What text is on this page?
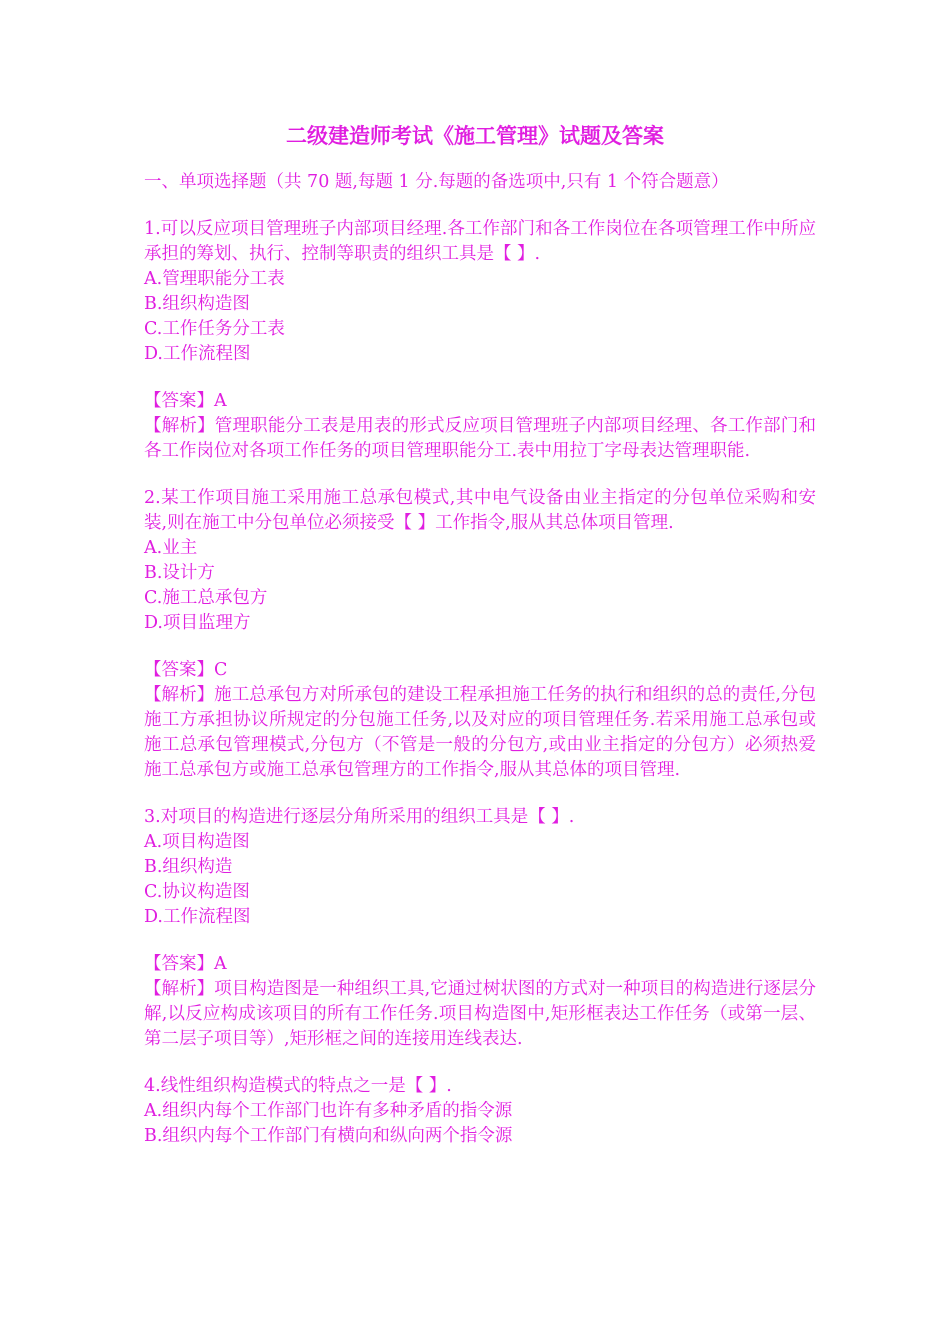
二级建造师考试《施工管理》试题及答案

一、单项选择题（共 70 题,每题 1 分.每题的备选项中,只有 1 个符合题意）

1.可以反应项目管理班子内部项目经理.各工作部门和各工作岗位在各项管理工作中所应承担的筹划、执行、控制等职责的组织工具是【 】.

A.管理职能分工表

B.组织构造图

C.工作任务分工表

D.工作流程图

【答案】A

【解析】管理职能分工表是用表的形式反应项目管理班子内部项目经理、各工作部门和各工作岗位对各项工作任务的项目管理职能分工.表中用拉丁字母表达管理职能.

2.某工作项目施工采用施工总承包模式,其中电气设备由业主指定的分包单位采购和安装,则在施工中分包单位必须接受【 】工作指令,服从其总体项目管理.

A.业主

B.设计方

C.施工总承包方

D.项目监理方

【答案】C

【解析】施工总承包方对所承包的建设工程承担施工任务的执行和组织的总的责任,分包施工方承担协议所规定的分包施工任务,以及对应的项目管理任务.若采用施工总承包或施工总承包管理模式,分包方（不管是一般的分包方,或由业主指定的分包方）必须热爱施工总承包方或施工总承包管理方的工作指令,服从其总体的项目管理.

3.对项目的构造进行逐层分角所采用的组织工具是【 】.

A.项目构造图

B.组织构造

C.协议构造图

D.工作流程图

【答案】A

【解析】项目构造图是一种组织工具,它通过树状图的方式对一种项目的构造进行逐层分解,以反应构成该项目的所有工作任务.项目构造图中,矩形框表达工作任务（或第一层、第二层子项目等）,矩形框之间的连接用连线表达.

4.线性组织构造模式的特点之一是【 】.

A.组织内每个工作部门也许有多种矛盾的指令源

B.组织内每个工作部门有横向和纵向两个指令源
